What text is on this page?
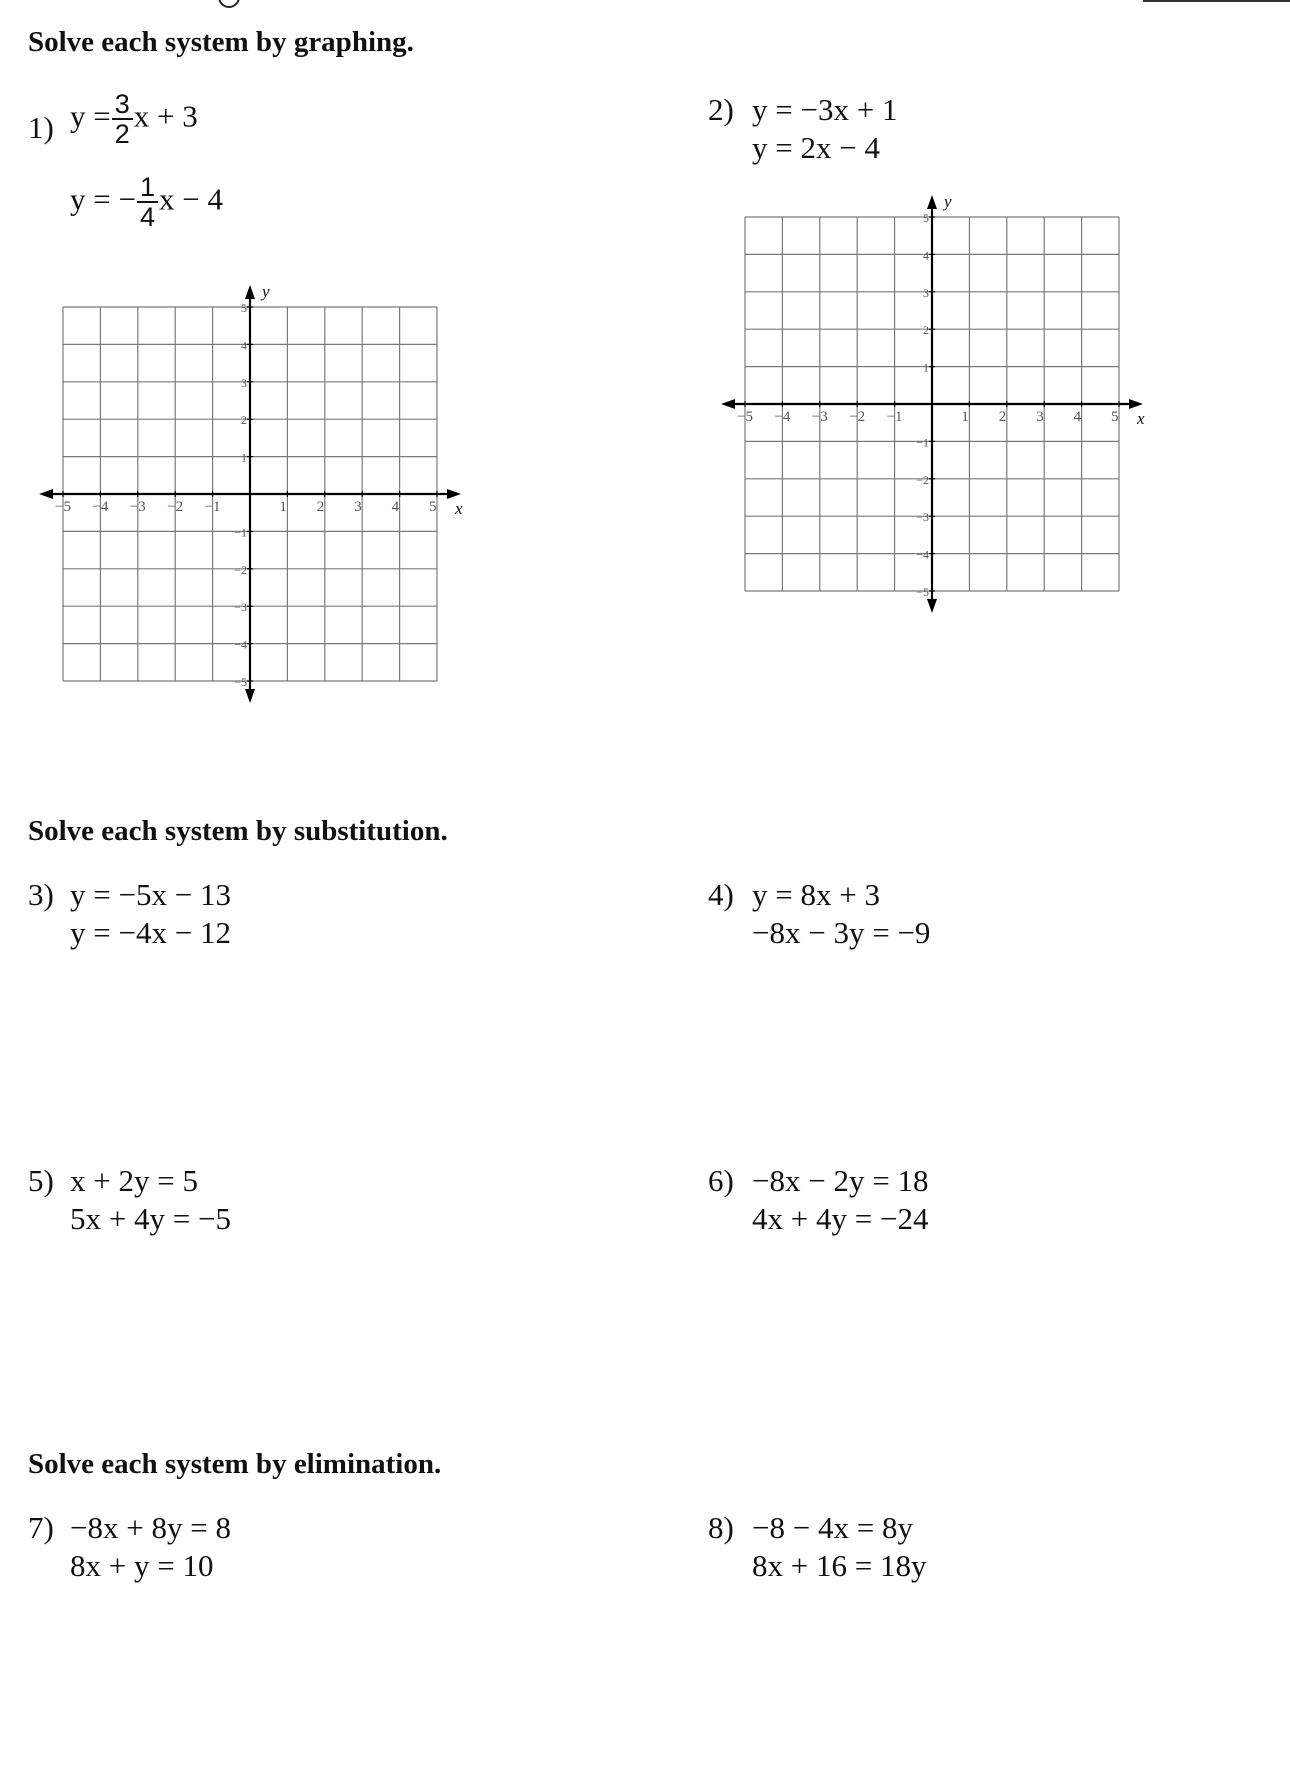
Solve each system by graphing.
1) $y = \frac{3}{2}$ x + 3
y = − $\frac{1}{4}$ x − 4
x
y
−5
−5
−4
−4
−3
−3
−2
−2
−1
−1
1
1
2
2
3
3
4
4
5
5
2) y = −3x + 1
y = 2x − 4
x
y
−5
−5
−4
−4
−3
−3
−2
−2
−1
−1
1
1
2
2
3
3
4
4
5
5
Solve each system by substitution.
3) y = −5x − 13
y = −4x − 12
4) y = 8x + 3
−8x − 3y = −9
5) x + 2y = 5
5x + 4y = −5
6) −8x − 2y = 18
4x + 4y = −24
Solve each system by elimination.
7) −8x + 8y = 8
8x + y = 10
8) −8 − 4x = 8y
8x + 16 = 18y
